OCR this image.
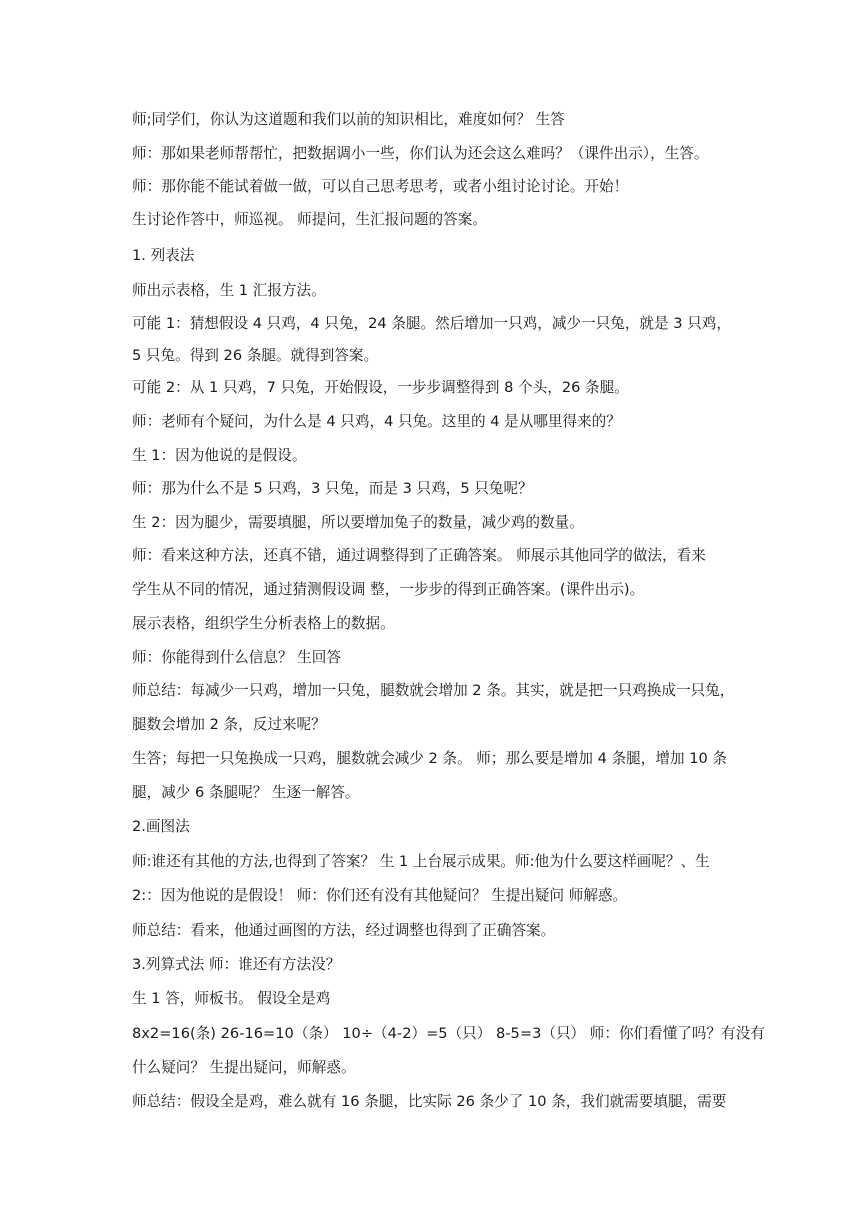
师;同学们，你认为这道题和我们以前的知识相比，难度如何？ 生答
师：那如果老师帮帮忙，把数据调小一些，你们认为还会这么难吗？（课件出示），生答。
师：那你能不能试着做一做，可以自己思考思考，或者小组讨论讨论。开始！
生讨论作答中，师巡视。 师提问，生汇报问题的答案。
1. 列表法
师出示表格，生 1 汇报方法。
可能 1：猜想假设 4 只鸡，4 只兔，24 条腿。然后增加一只鸡，减少一只兔，就是 3 只鸡，
5 只兔。得到 26 条腿。就得到答案。
可能 2：从 1 只鸡，7 只兔，开始假设，一步步调整得到 8 个头，26 条腿。
师：老师有个疑问，为什么是 4 只鸡，4 只兔。这里的 4 是从哪里得来的？
生 1：因为他说的是假设。
师：那为什么不是 5 只鸡，3 只兔，而是 3 只鸡，5 只兔呢？
生 2：因为腿少，需要填腿，所以要增加兔子的数量，减少鸡的数量。
师：看来这种方法，还真不错，通过调整得到了正确答案。 师展示其他同学的做法，看来
学生从不同的情况，通过猜测假设调 整，一步步的得到正确答案。(课件出示)。
展示表格，组织学生分析表格上的数据。
师：你能得到什么信息？ 生回答
师总结：每减少一只鸡，增加一只兔，腿数就会增加 2 条。其实，就是把一只鸡换成一只兔，
腿数会增加 2 条，反过来呢？
生答；每把一只兔换成一只鸡，腿数就会减少 2 条。 师；那么要是增加 4 条腿，增加 10 条
腿，减少 6 条腿呢？ 生逐一解答。
2.画图法
师:谁还有其他的方法,也得到了答案？ 生 1 上台展示成果。师:他为什么要这样画呢？、生
2:：因为他说的是假设！ 师：你们还有没有其他疑问？ 生提出疑问 师解惑。
师总结：看来，他通过画图的方法，经过调整也得到了正确答案。
3.列算式法 师：谁还有方法没？
生 1 答，师板书。 假设全是鸡
8x2=16(条) 26-16=10（条） 10÷（4-2）=5（只） 8-5=3（只） 师：你们看懂了吗？有没有
什么疑问？ 生提出疑问，师解惑。
师总结：假设全是鸡，难么就有 16 条腿，比实际 26 条少了 10 条，我们就需要填腿，需要
